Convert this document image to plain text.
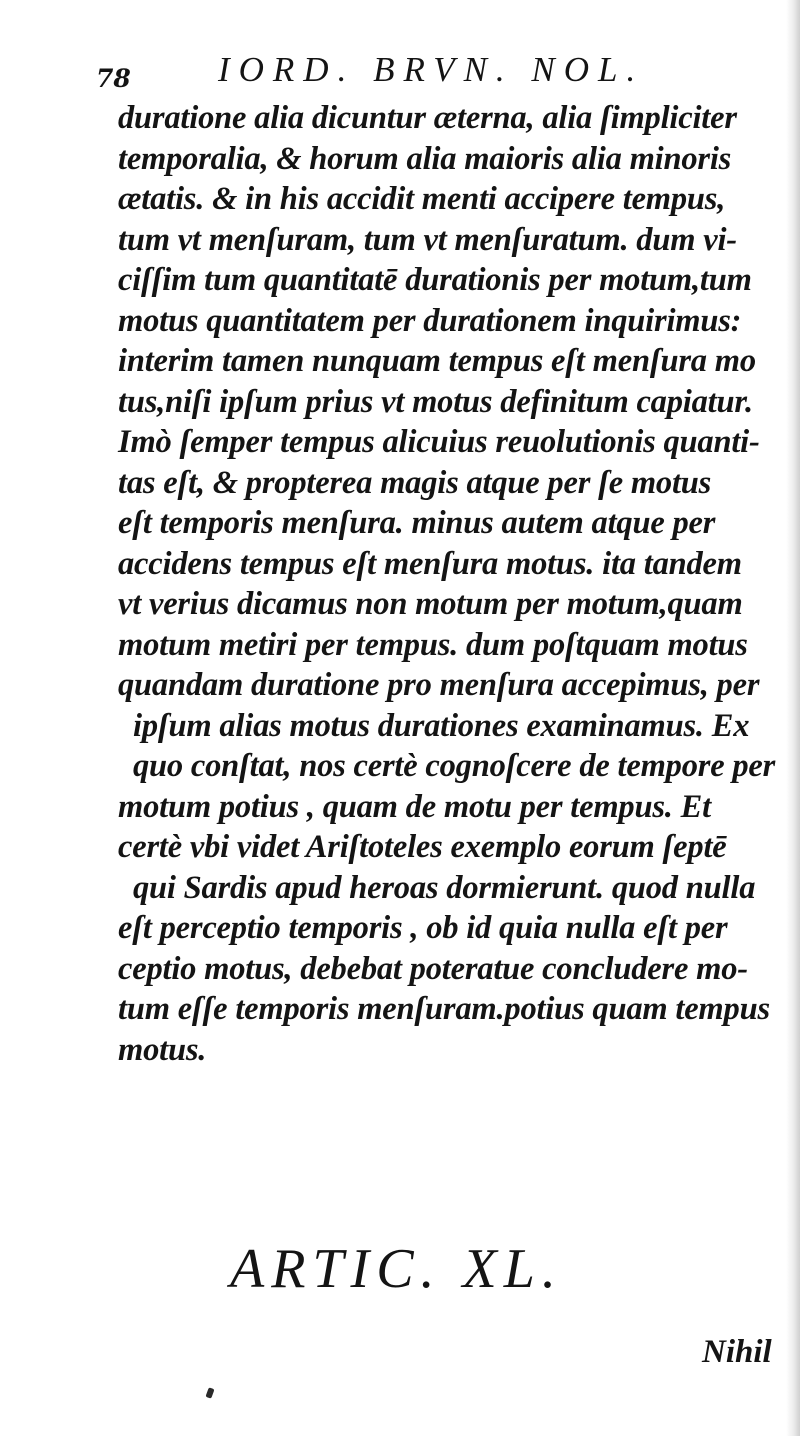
78 IORD. BRVN. NOL.
duratione alia dicuntur æterna, alia ſimpliciter
temporalia, & horum alia maioris alia minoris
ætatis. & in his accidit menti accipere tempus,
tum vt menſuram, tum vt menſuratum. dum vi-
ciſſim tum quantitatē durationis per motum,tum
motus quantitatem per durationem inquirimus:
interim tamen nunquam tempus eſt menſura mo
tus,niſi ipſum prius vt motus definitum capiatur.
Imò ſemper tempus alicuius reuolutionis quanti-
tas eſt, & propterea magis atque per ſe motus
eſt temporis menſura. minus autem atque per
accidens tempus eſt menſura motus. ita tandem
vt verius dicamus non motum per motum,quam
motum metiri per tempus. dum poſtquam motus
quandam duratione pro menſura accepimus, per
ipſum alias motus durationes examinamus. Ex
quo conſtat, nos certè cognoſcere de tempore per
motum potius , quam de motu per tempus. Et
certè vbi videt Ariſtoteles exemplo eorum ſeptē
qui Sardis apud heroas dormierunt. quod nulla
eſt perceptio temporis , ob id quia nulla eſt per
ceptio motus, debebat poteratue concludere mo-
tum eſſe temporis menſuram.potius quam tempus
motus.
ARTIC. XL.
Nihil
